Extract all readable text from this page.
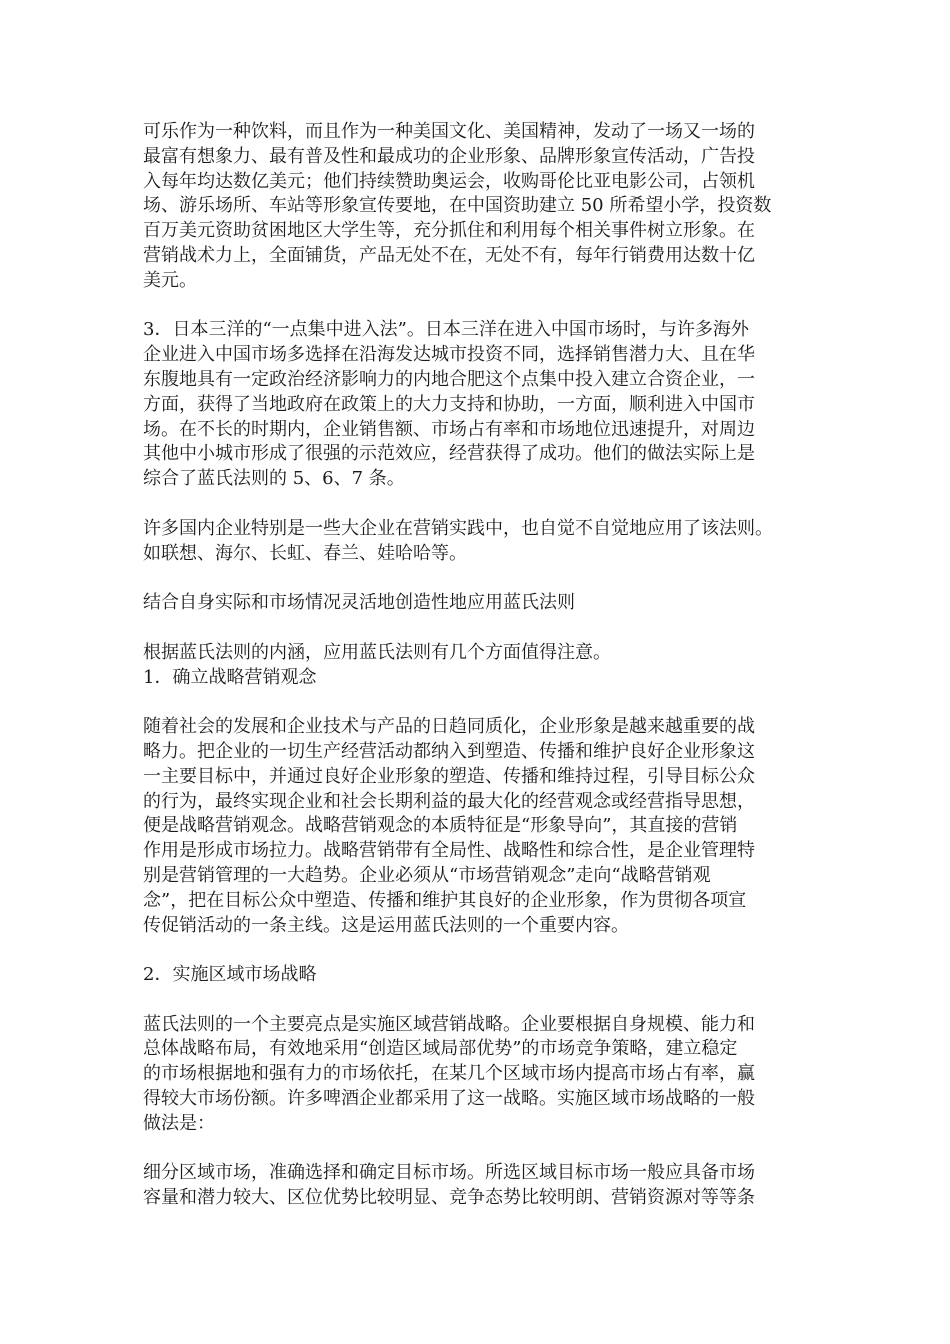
可乐作为一种饮料，而且作为一种美国文化、美国精神，发动了一场又一场的
最富有想象力、最有普及性和最成功的企业形象、品牌形象宣传活动，广告投
入每年均达数亿美元；他们持续赞助奥运会，收购哥伦比亚电影公司，占领机
场、游乐场所、车站等形象宣传要地，在中国资助建立 50 所希望小学，投资数
百万美元资助贫困地区大学生等，充分抓住和利用每个相关事件树立形象。在
营销战术力上，全面铺货，产品无处不在，无处不有，每年行销费用达数十亿
美元。

3．日本三洋的“一点集中进入法”。日本三洋在进入中国市场时，与许多海外
企业进入中国市场多选择在沿海发达城市投资不同，选择销售潜力大、且在华
东腹地具有一定政治经济影响力的内地合肥这个点集中投入建立合资企业，一
方面，获得了当地政府在政策上的大力支持和协助，一方面，顺利进入中国市
场。在不长的时期内，企业销售额、市场占有率和市场地位迅速提升，对周边
其他中小城市形成了很强的示范效应，经营获得了成功。他们的做法实际上是
综合了蓝氏法则的 5、6、7 条。

许多国内企业特别是一些大企业在营销实践中，也自觉不自觉地应用了该法则。
如联想、海尔、长虹、春兰、娃哈哈等。

结合自身实际和市场情况灵活地创造性地应用蓝氏法则

根据蓝氏法则的内涵，应用蓝氏法则有几个方面值得注意。
1．确立战略营销观念

随着社会的发展和企业技术与产品的日趋同质化，企业形象是越来越重要的战
略力。把企业的一切生产经营活动都纳入到塑造、传播和维护良好企业形象这
一主要目标中，并通过良好企业形象的塑造、传播和维持过程，引导目标公众
的行为，最终实现企业和社会长期利益的最大化的经营观念或经营指导思想，
便是战略营销观念。战略营销观念的本质特征是“形象导向”，其直接的营销
作用是形成市场拉力。战略营销带有全局性、战略性和综合性，是企业管理特
别是营销管理的一大趋势。企业必须从“市场营销观念”走向“战略营销观
念”，把在目标公众中塑造、传播和维护其良好的企业形象，作为贯彻各项宣
传促销活动的一条主线。这是运用蓝氏法则的一个重要内容。

2．实施区域市场战略

蓝氏法则的一个主要亮点是实施区域营销战略。企业要根据自身规模、能力和
总体战略布局，有效地采用“创造区域局部优势”的市场竞争策略，建立稳定
的市场根据地和强有力的市场依托，在某几个区域市场内提高市场占有率，赢
得较大市场份额。许多啤酒企业都采用了这一战略。实施区域市场战略的一般
做法是：

细分区域市场，准确选择和确定目标市场。所选区域目标市场一般应具备市场
容量和潜力较大、区位优势比较明显、竞争态势比较明朗、营销资源对等等条
